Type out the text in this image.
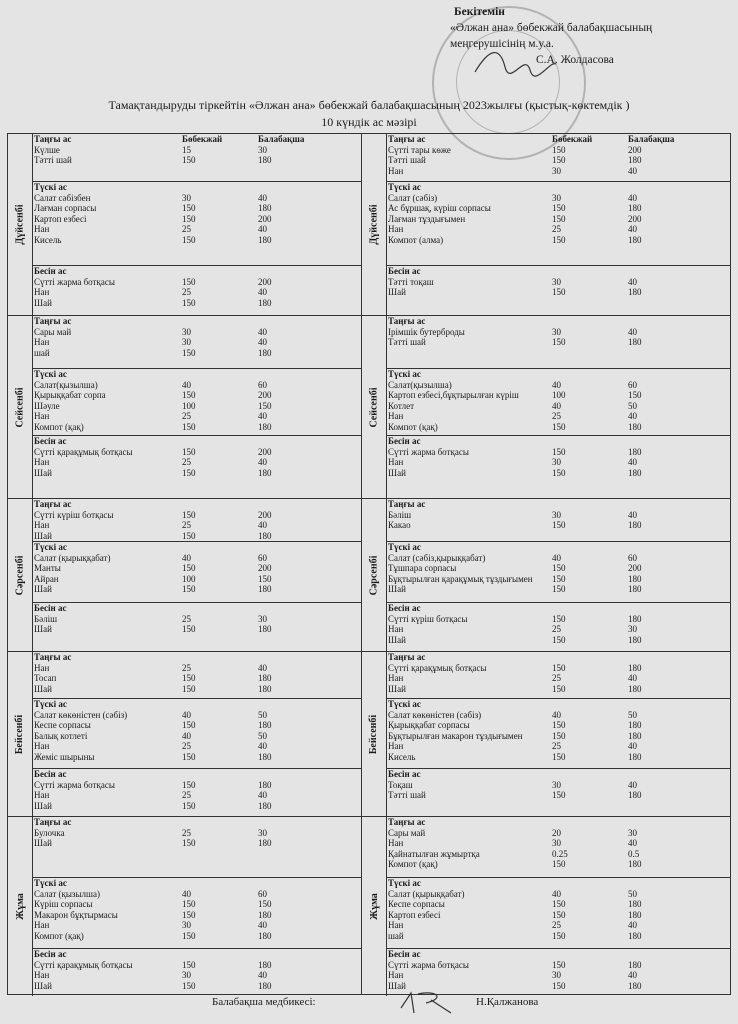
Бекітемін
«Әлжан ана» бөбекжай балабақшасының
меңгерушісінің м.у.а.
С.А. Жолдасова
Тамақтандыруды тіркейтін «Әлжан ана» бөбекжай балабақшасының 2023жылғы (қыстық-көктемдік )
10 күндік ас мәзірі
Дүйсенбі
Таңғы ас	Бөбекжай	Балабақша
Күлше	15	30
Тәтті шай	150	180
Түскі ас
Салат сәбізбен	30	40
Лағман сорпасы	150	180
Картоп езбесі	150	200
Нан	25	40
Кисель	150	180
Бесін ас
Сүтті жарма ботқасы	150	200
Нан	25	40
Шай	150	180
Сейсенбі
Таңғы ас
Сары май	30	40
Нан	30	40
шай	150	180
Түскі ас
Салат(қызылша)	40	60
Қырыққабат сорпа	150	200
Шәуле	100	150
Нан	25	40
Компот (қақ)	150	180
Бесін ас
Сүтті қарақұмық ботқасы	150	200
Нан	25	40
Шай	150	180
Сәрсенбі
Таңғы ас
Сүтті күріш ботқасы	150	200
Нан	25	40
Шай	150	180
Түскі ас
Салат (қырыққабат)	40	60
Манты	150	200
Айран	100	150
Шай	150	180
Бесін ас
Бәліш	25	30
Шай	150	180
Бейсенбі
Таңғы ас
Нан	25	40
Тосап	150	180
Шай	150	180
Түскі ас
Салат көкөністен (сәбіз)	40	50
Кеспе сорпасы	150	180
Балық котлеті	40	50
Нан	25	40
Жеміс шырыны	150	180
Бесін ас
Сүтті жарма ботқасы	150	180
Нан	25	40
Шай	150	180
Жұма
Таңғы ас
Булочка	25	30
Шай	150	180
Түскі ас
Салат (қызылша)	40	60
Күріш сорпасы	150	150
Макарон бұқтырмасы	150	180
Нан	30	40
Компот (қақ)	150	180
Бесін ас
Сүтті қарақұмық ботқасы	150	180
Нан	30	40
Шай	150	180
Дүйсенбі
Таңғы ас	Бөбекжай	Балабақша
Сүтті тары көже	150	200
Тәтті шай	150	180
Нан	30	40
Түскі ас
Салат (сәбіз)	30	40
Ас бұршақ, күріш сорпасы	150	180
Лағман тұздығымен	150	200
Нан	25	40
Компот (алма)	150	180
Бесін ас
Тәтті тоқаш	30	40
Шай	150	180
Сейсенбі
Таңғы ас
Ірімшік бутерброды	30	40
Тәтті шай	150	180
Түскі ас
Салат(қызылша)	40	60
Картоп езбесі,бұқтырылған күріш	100	150
Котлет	40	50
Нан	25	40
Компот (қақ)	150	180
Бесін ас
Сүтті жарма ботқасы	150	180
Нан	30	40
Шай	150	180
Сәрсенбі
Таңғы ас
Бәліш	30	40
Какао	150	180
Түскі ас
Салат (сәбіз,қырыққабат)	40	60
Тұшпара сорпасы	150	200
Бұқтырылған қарақұмық тұздығымен	150	180
Шай	150	180
Бесін ас
Сүтті күріш ботқасы	150	180
Нан	25	30
Шай	150	180
Бейсенбі
Таңғы ас
Сүтті қарақұмық ботқасы	150	180
Нан	25	40
Шай	150	180
Түскі ас
Салат көкөністен (сәбіз)	40	50
Қырыққабат сорпасы	150	180
Бұқтырылған макарон тұздығымен	150	180
Нан	25	40
Кисель	150	180
Бесін ас
Тоқаш	30	40
Тәтті шай	150	180
Жұма
Таңғы ас
Сары май	20	30
Нан	30	40
Қайнатылған жұмыртқа	0.25	0.5
Компот (қақ)	150	180
Түскі ас
Салат (қырыққабат)	40	50
Кеспе сорпасы	150	180
Картоп езбесі	150	180
Нан	25	40
шай	150	180
Бесін ас
Сүтті жарма ботқасы	150	180
Нан	30	40
Шай	150	180
Балабақша медбикесі:	Н.Қалжанова
